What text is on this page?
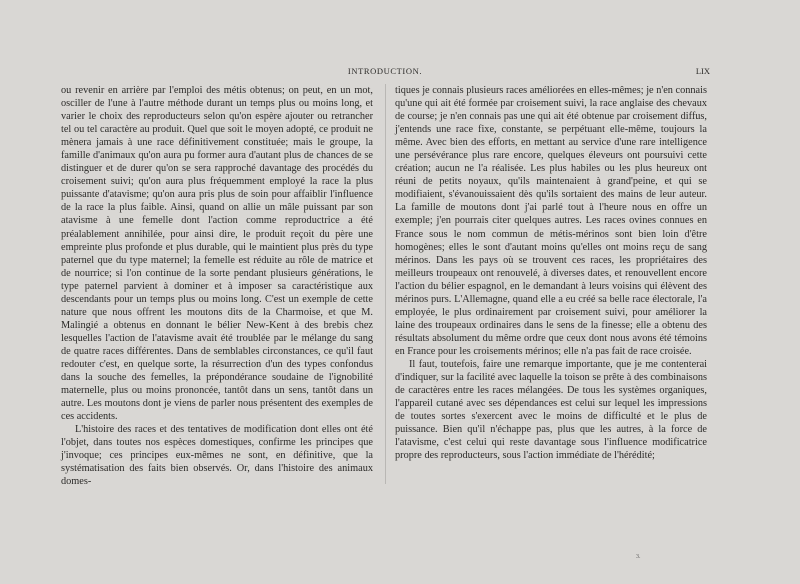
INTRODUCTION.	LIX

ou revenir en arrière par l'emploi des métis obtenus; on peut, en un mot, osciller de l'une à l'autre méthode durant un temps plus ou moins long, et varier le choix des reproducteurs selon qu'on espère ajouter ou retrancher tel ou tel caractère au produit. Quel que soit le moyen adopté, ce produit ne mènera jamais à une race définitivement constituée; mais le groupe, la famille d'animaux qu'on aura pu former aura d'autant plus de chances de se distinguer et de durer qu'on se sera rapproché davantage des procédés du croisement suivi; qu'on aura plus fréquemment employé la race la plus puissante d'atavisme; qu'on aura pris plus de soin pour affaiblir l'influence de la race la plus faible. Ainsi, quand on allie un mâle puissant par son atavisme à une femelle dont l'action comme reproductrice a été préalablement annihilée, pour ainsi dire, le produit reçoit du père une empreinte plus profonde et plus durable, qui le maintient plus près du type paternel que du type maternel; la femelle est réduite au rôle de matrice et de nourrice; si l'on continue de la sorte pendant plusieurs générations, le type paternel parvient à dominer et à imposer sa caractéristique aux descendants pour un temps plus ou moins long. C'est un exemple de cette nature que nous offrent les moutons dits de la Charmoise, et que M. Malingié a obtenus en donnant le bélier New-Kent à des brebis chez lesquelles l'action de l'atavisme avait été troublée par le mélange du sang de quatre races différentes. Dans de semblables circonstances, ce qu'il faut redouter c'est, en quelque sorte, la résurrection d'un des types confondus dans la souche des femelles, la prépondérance soudaine de l'ignobilité maternelle, plus ou moins prononcée, tantôt dans un sens, tantôt dans un autre. Les moutons dont je viens de parler nous présentent des exemples de ces accidents.

L'histoire des races et des tentatives de modification dont elles ont été l'objet, dans toutes nos espèces domestiques, confirme les principes que j'invoque; ces principes eux-mêmes ne sont, en définitive, que la systématisation des faits bien observés. Or, dans l'histoire des animaux domes-

tiques je connais plusieurs races améliorées en elles-mêmes; je n'en connais qu'une qui ait été formée par croisement suivi, la race anglaise des chevaux de course; je n'en connais pas une qui ait été obtenue par croisement diffus, j'entends une race fixe, constante, se perpétuant elle-même, toujours la même. Avec bien des efforts, en mettant au service d'une rare intelligence une persévérance plus rare encore, quelques éleveurs ont poursuivi cette création; aucun ne l'a réalisée. Les plus habiles ou les plus heureux ont réuni de petits noyaux, qu'ils maintenaient à grand'peine, et qui se modifiaient, s'évanouissaient dès qu'ils sortaient des mains de leur auteur. La famille de moutons dont j'ai parlé tout à l'heure nous en offre un exemple; j'en pourrais citer quelques autres. Les races ovines connues en France sous le nom commun de métis-mérinos sont bien loin d'être homogènes; elles le sont d'autant moins qu'elles ont moins reçu de sang mérinos. Dans les pays où se trouvent ces races, les propriétaires des meilleurs troupeaux ont renouvelé, à diverses dates, et renouvellent encore l'action du bélier espagnol, en le demandant à leurs voisins qui élèvent des mérinos purs. L'Allemagne, quand elle a eu créé sa belle race électorale, l'a employée, le plus ordinairement par croisement suivi, pour améliorer la laine des troupeaux ordinaires dans le sens de la finesse; elle a obtenu des résultats absolument du même ordre que ceux dont nous avons été témoins en France pour les croisements mérinos; elle n'a pas fait de race croisée.

Il faut, toutefois, faire une remarque importante, que je me contenterai d'indiquer, sur la facilité avec laquelle la toison se prête à des combinaisons de caractères entre les races mélangées. De tous les systèmes organiques, l'appareil cutané avec ses dépendances est celui sur lequel les impressions de toutes sortes s'exercent avec le moins de difficulté et le plus de puissance. Bien qu'il n'échappe pas, plus que les autres, à la force de l'atavisme, c'est celui qui reste davantage sous l'influence modificatrice propre des reproducteurs, sous l'action immédiate de l'hérédité;

3.
